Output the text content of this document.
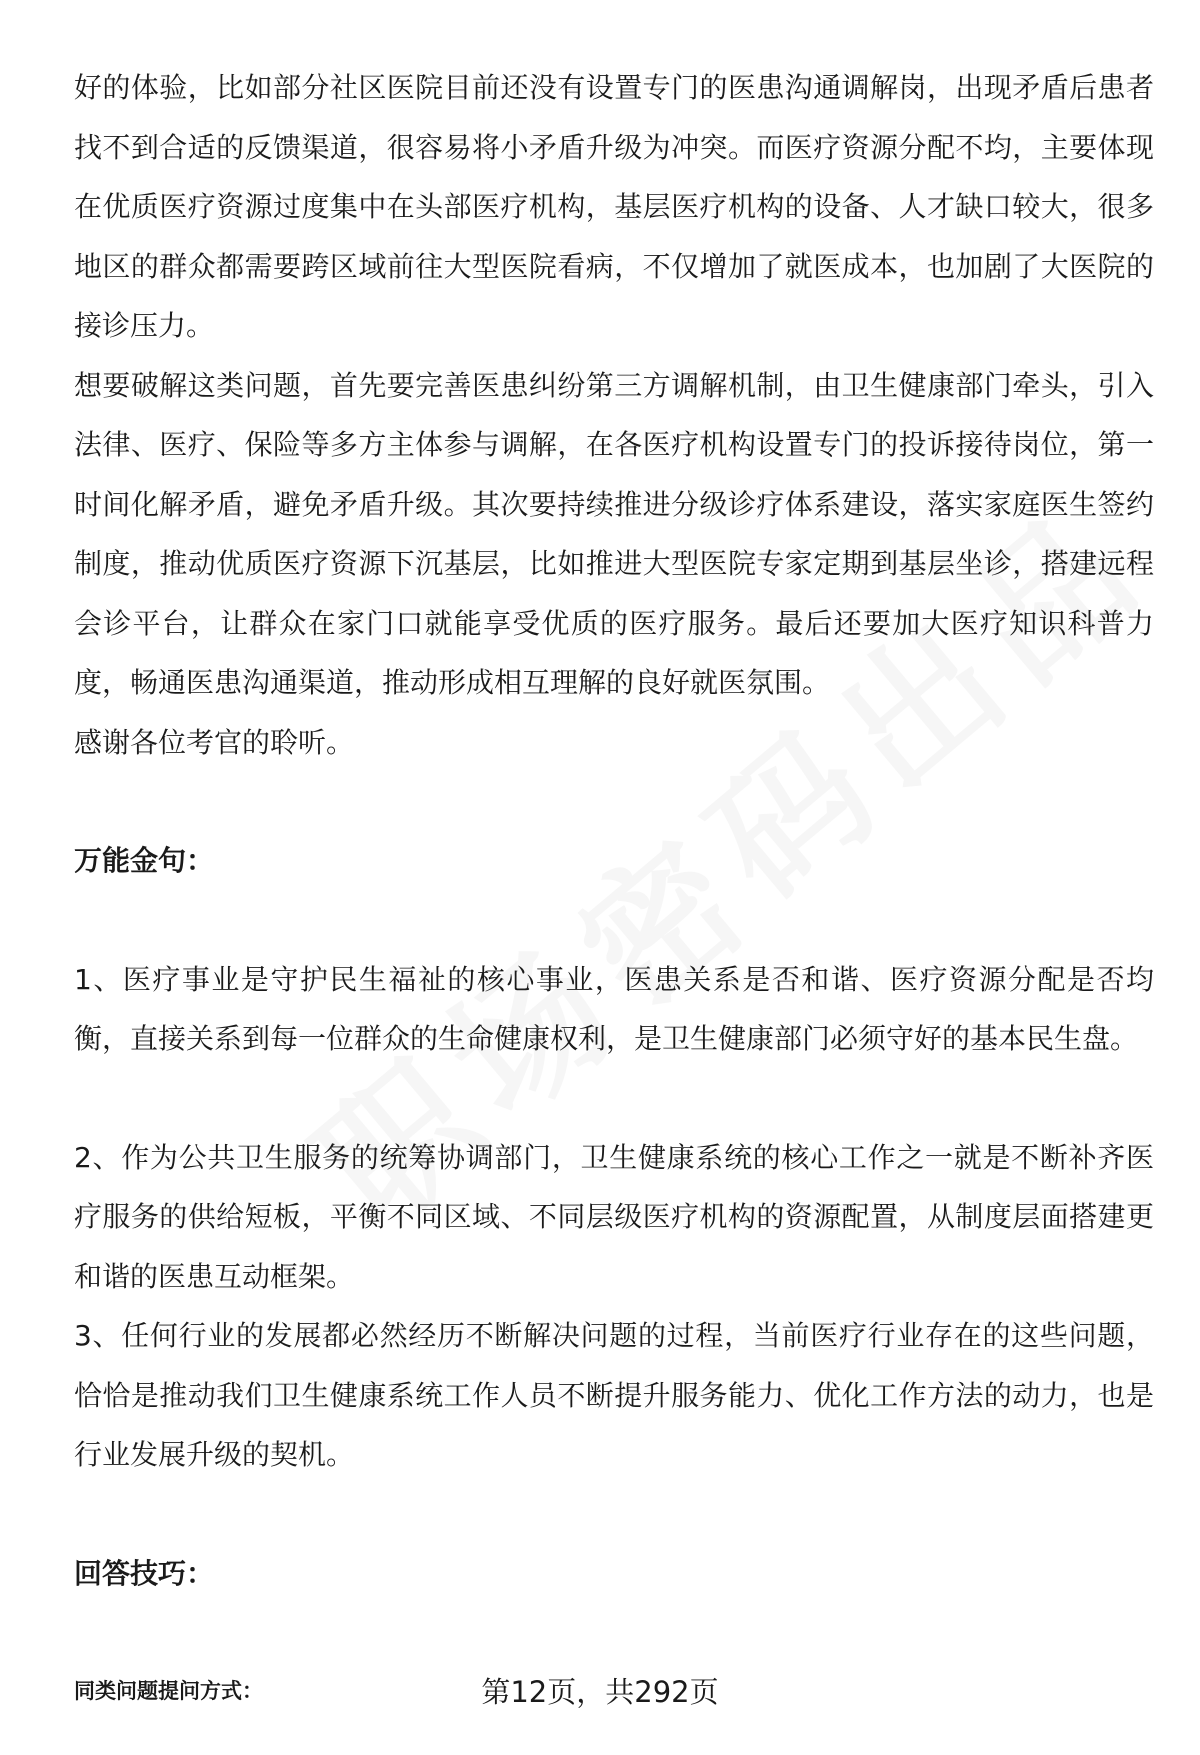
好的体验，比如部分社区医院目前还没有设置专门的医患沟通调解岗，出现矛盾后患者找不到合适的反馈渠道，很容易将小矛盾升级为冲突。而医疗资源分配不均，主要体现在优质医疗资源过度集中在头部医疗机构，基层医疗机构的设备、人才缺口较大，很多地区的群众都需要跨区域前往大型医院看病，不仅增加了就医成本，也加剧了大医院的接诊压力。

想要破解这类问题，首先要完善医患纠纷第三方调解机制，由卫生健康部门牵头，引入法律、医疗、保险等多方主体参与调解，在各医疗机构设置专门的投诉接待岗位，第一时间化解矛盾，避免矛盾升级。其次要持续推进分级诊疗体系建设，落实家庭医生签约制度，推动优质医疗资源下沉基层，比如推进大型医院专家定期到基层坐诊，搭建远程会诊平台，让群众在家门口就能享受优质的医疗服务。最后还要加大医疗知识科普力度，畅通医患沟通渠道，推动形成相互理解的良好就医氛围。

感谢各位考官的聆听。

万能金句：

1、医疗事业是守护民生福祉的核心事业，医患关系是否和谐、医疗资源分配是否均衡，直接关系到每一位群众的生命健康权利，是卫生健康部门必须守好的基本民生盘。

2、作为公共卫生服务的统筹协调部门，卫生健康系统的核心工作之一就是不断补齐医疗服务的供给短板，平衡不同区域、不同层级医疗机构的资源配置，从制度层面搭建更和谐的医患互动框架。

3、任何行业的发展都必然经历不断解决问题的过程，当前医疗行业存在的这些问题，恰恰是推动我们卫生健康系统工作人员不断提升服务能力、优化工作方法的动力，也是行业发展升级的契机。

回答技巧：

同类问题提问方式：	第12页，共292页
